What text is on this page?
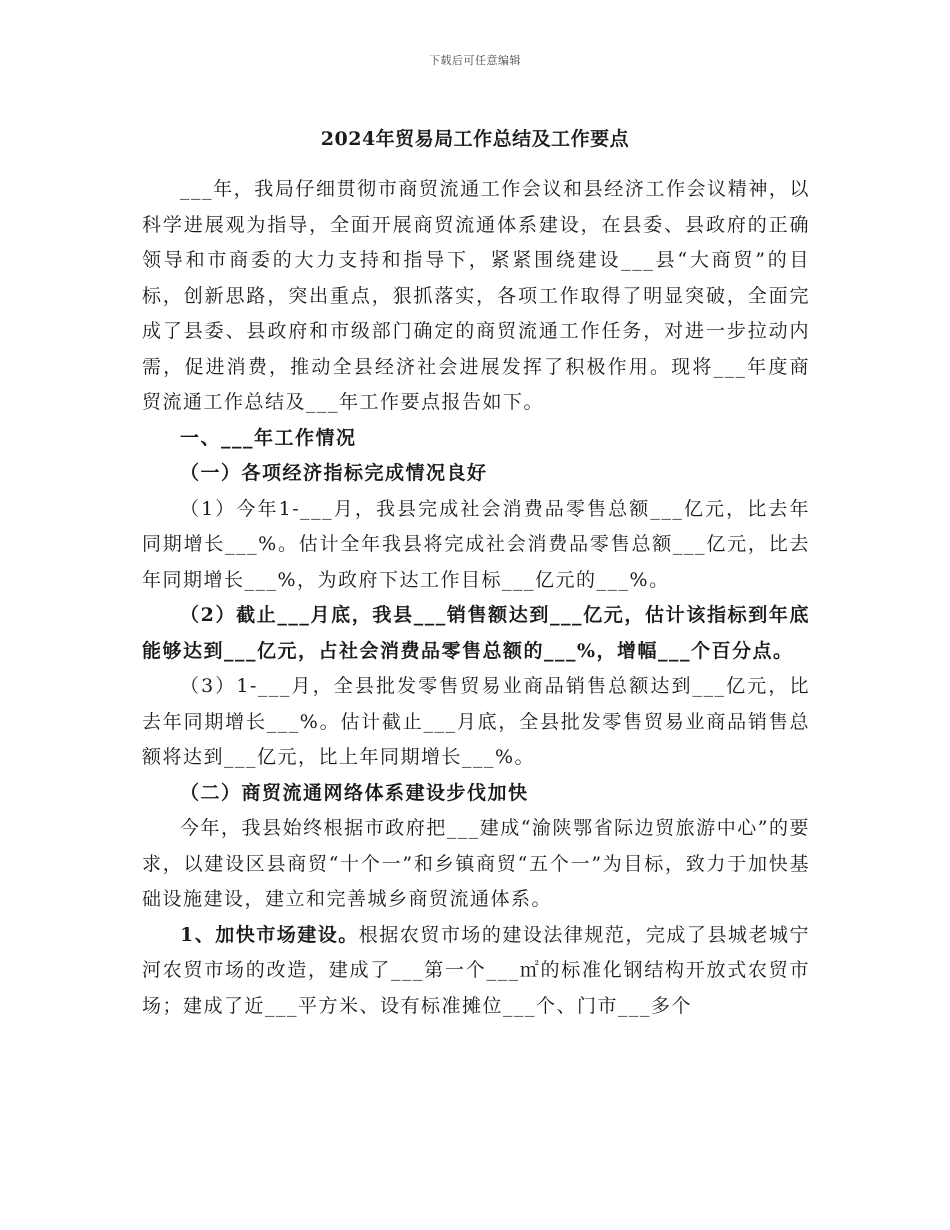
下载后可任意编辑
2024年贸易局工作总结及工作要点

___年，我局仔细贯彻市商贸流通工作会议和县经济工作会议精神，以科学进展观为指导，全面开展商贸流通体系建设，在县委、县政府的正确领导和市商委的大力支持和指导下，紧紧围绕建设___县“大商贸”的目标，创新思路，突出重点，狠抓落实，各项工作取得了明显突破，全面完成了县委、县政府和市级部门确定的商贸流通工作任务，对进一步拉动内需，促进消费，推动全县经济社会进展发挥了积极作用。现将___年度商贸流通工作总结及___年工作要点报告如下。

一、___年工作情况

（一）各项经济指标完成情况良好

（1）今年1-___月，我县完成社会消费品零售总额___亿元，比去年同期增长___%。估计全年我县将完成社会消费品零售总额___亿元，比去年同期增长___%，为政府下达工作目标___亿元的___%。

（2）截止___月底，我县___销售额达到___亿元，估计该指标到年底能够达到___亿元，占社会消费品零售总额的___%，增幅___个百分点。

（3）1-___月，全县批发零售贸易业商品销售总额达到___亿元，比去年同期增长___%。估计截止___月底，全县批发零售贸易业商品销售总额将达到___亿元，比上年同期增长___%。

（二）商贸流通网络体系建设步伐加快

今年，我县始终根据市政府把___建成“渝陕鄂省际边贸旅游中心”的要求，以建设区县商贸“十个一”和乡镇商贸“五个一”为目标，致力于加快基础设施建设，建立和完善城乡商贸流通体系。

1、加快市场建设。根据农贸市场的建设法律规范，完成了县城老城宁河农贸市场的改造，建成了___第一个___㎡的标准化钢结构开放式农贸市场；建成了近___平方米、设有标准摊位___个、门市___多个
